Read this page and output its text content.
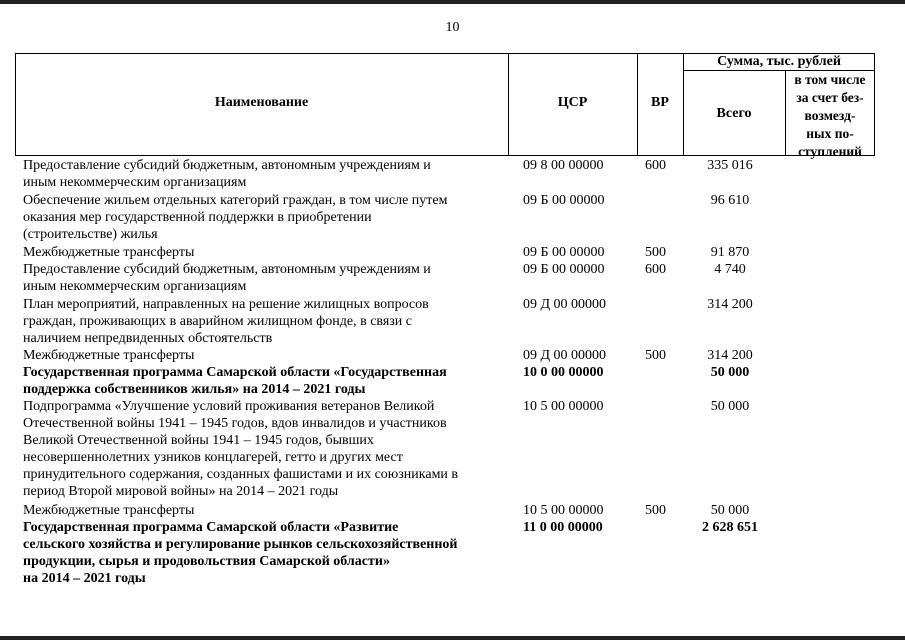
10
Наименование	ЦСР	ВР
Сумма, тыс. рублей
Всего
в том числе
за счет без-
возмезд-
ных по-
ступлений
Предоставление субсидий бюджетным, автономным учреждениям и
иным некоммерческим организациям
09 8 00 00000	600	335 016
Обеспечение жильем отдельных категорий граждан, в том числе путем
оказания мер государственной поддержки в приобретении
(строительстве) жилья
09 Б 00 00000	96 610
Межбюджетные трансферты	09 Б 00 00000	500	91 870
Предоставление субсидий бюджетным, автономным учреждениям и
иным некоммерческим организациям
09 Б 00 00000	600	4 740
План мероприятий, направленных на решение жилищных вопросов
граждан, проживающих в аварийном жилищном фонде, в связи с
наличием непредвиденных обстоятельств
09 Д 00 00000	314 200
Межбюджетные трансферты	09 Д 00 00000	500	314 200
Государственная программа Самарской области «Государственная
поддержка собственников жилья» на 2014 – 2021 годы
10 0 00 00000	50 000
Подпрограмма «Улучшение условий проживания ветеранов Великой
Отечественной войны 1941 – 1945 годов, вдов инвалидов и участников
Великой Отечественной войны 1941 – 1945 годов, бывших
несовершеннолетних узников концлагерей, гетто и других мест
принудительного содержания, созданных фашистами и их союзниками в
период Второй мировой войны» на 2014 – 2021 годы
10 5 00 00000	50 000
Межбюджетные трансферты	10 5 00 00000	500	50 000
Государственная программа Самарской области «Развитие
сельского хозяйства и регулирование рынков сельскохозяйственной
продукции, сырья и продовольствия Самарской области»
на 2014 – 2021 годы
11 0 00 00000	2 628 651
